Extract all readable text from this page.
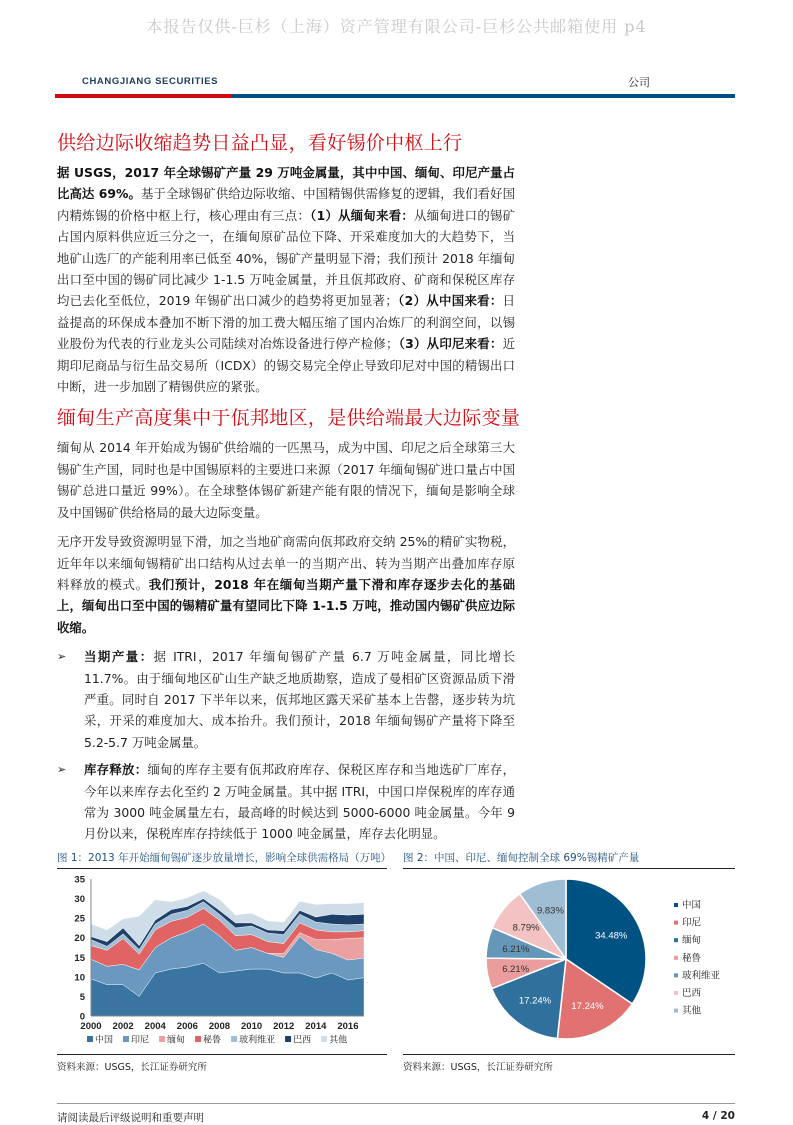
本报告仅供-巨杉（上海）资产管理有限公司-巨杉公共邮箱使用 p4
CHANGJIANG SECURITIES	公司
供给边际收缩趋势日益凸显，看好锡价中枢上行
据 USGS，2017 年全球锡矿产量 29 万吨金属量，其中中国、缅甸、印尼产量占比高达 69%。基于全球锡矿供给边际收缩、中国精锡供需修复的逻辑，我们看好国内精炼锡的价格中枢上行，核心理由有三点：（1）从缅甸来看：从缅甸进口的锡矿占国内原料供应近三分之一，在缅甸原矿品位下降、开采难度加大的大趋势下，当地矿山选厂的产能利用率已低至 40%，锡矿产量明显下滑；我们预计 2018 年缅甸出口至中国的锡矿同比减少 1-1.5 万吨金属量，并且佤邦政府、矿商和保税区库存均已去化至低位，2019 年锡矿出口减少的趋势将更加显著；（2）从中国来看：日益提高的环保成本叠加不断下滑的加工费大幅压缩了国内冶炼厂的利润空间，以锡业股份为代表的行业龙头公司陆续对冶炼设备进行停产检修；（3）从印尼来看：近期印尼商品与衍生品交易所（ICDX）的锡交易完全停止导致印尼对中国的精锡出口中断，进一步加剧了精锡供应的紧张。
缅甸生产高度集中于佤邦地区，是供给端最大边际变量
缅甸从 2014 年开始成为锡矿供给端的一匹黑马，成为中国、印尼之后全球第三大锡矿生产国，同时也是中国锡原料的主要进口来源（2017 年缅甸锡矿进口量占中国锡矿总进口量近 99%）。在全球整体锡矿新建产能有限的情况下，缅甸是影响全球及中国锡矿供给格局的最大边际变量。
无序开发导致资源明显下滑，加之当地矿商需向佤邦政府交纳 25%的精矿实物税，近年年以来缅甸锡精矿出口结构从过去单一的当期产出、转为当期产出叠加库存原料释放的模式。我们预计，2018 年在缅甸当期产量下滑和库存逐步去化的基础上，缅甸出口至中国的锡精矿量有望同比下降 1-1.5 万吨，推动国内锡矿供应边际收缩。
➢ 当期产量：据 ITRI，2017 年缅甸锡矿产量 6.7 万吨金属量，同比增长 11.7%。由于缅甸地区矿山生产缺乏地质勘察，造成了曼相矿区资源品质下滑严重。同时自 2017 下半年以来，佤邦地区露天采矿基本上告罄，逐步转为坑采，开采的难度加大、成本抬升。我们预计，2018 年缅甸锡矿产量将下降至 5.2-5.7 万吨金属量。
➢ 库存释放：缅甸的库存主要有佤邦政府库存、保税区库存和当地选矿厂库存，今年以来库存去化至约 2 万吨金属量。其中据 ITRI，中国口岸保税库的库存通常为 3000 吨金属量左右，最高峰的时候达到 5000-6000 吨金属量。今年 9 月份以来，保税库库存持续低于 1000 吨金属量，库存去化明显。
图 1：2013 年开始缅甸锡矿逐步放量增长，影响全球供需格局（万吨）
0
5
10
15
20
25
30
35
2000 2002 2004 2006 2008 2010 2012 2014 2016
中国 印尼 缅甸 秘鲁 玻利维亚 巴西 其他
资料来源：USGS，长江证券研究所
图 2：中国、印尼、缅甸控制全球 69%锡精矿产量
34.48%
17.24%
17.24%
6.21%
6.21%
8.79%
9.83%
中国
印尼
缅甸
秘鲁
玻利维亚
巴西
其他
资料来源：USGS，长江证券研究所
请阅读最后评级说明和重要声明	4 / 20
